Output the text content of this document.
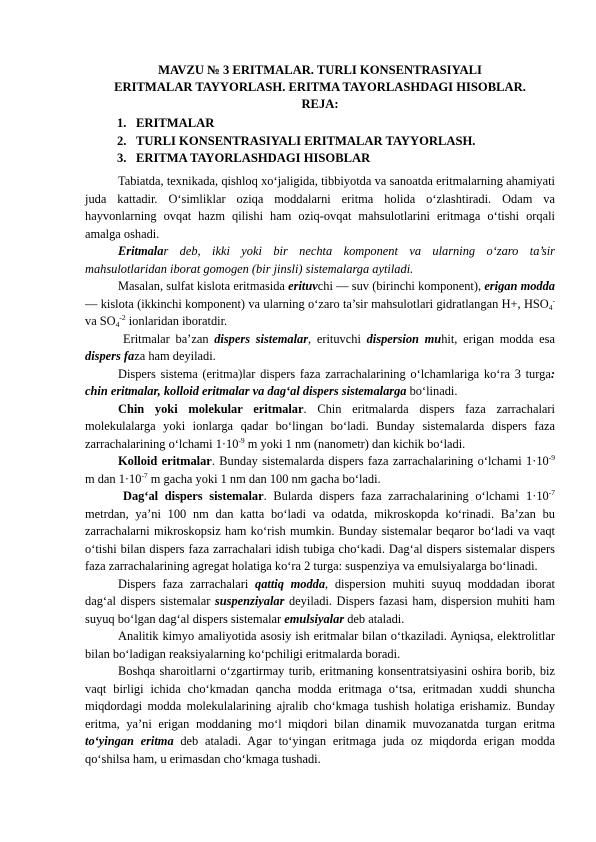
MAVZU № 3 ERITMALAR. TURLI KONSENTRASIYALI
ERITMALAR TAYYORLASH. ERITMA TAYORLASHDAGI HISOBLAR.
REJA:
1. ERITMALAR
2. TURLI KONSENTRASIYALI ERITMALAR TAYYORLASH.
3. ERITMA TAYORLASHDAGI HISOBLAR

Tabiatda, texnikada, qishloq xo‘jaligida, tibbiyotda va sanoatda eritmalarning ahamiyati juda kattadir. O‘simliklar oziqa moddalarni eritma holida o‘zlashtiradi. Odam va hayvonlarning ovqat hazm qilishi ham oziq-ovqat mahsulotlarini eritmaga o‘tishi orqali amalga oshadi.

Eritmalar deb, ikki yoki bir nechta komponent va ularning o‘zaro ta’sir mahsulotlaridan iborat gomogen (bir jinsli) sistemalarga aytiladi.

Masalan, sulfat kislota eritmasida erituvchi — suv (birinchi komponent), erigan modda — kislota (ikkinchi komponent) va ularning o‘zaro ta’sir mahsulotlari gidratlangan H+, $HSO_4^-$ va $SO_4^{-2}$ ionlaridan iboratdir.

Eritmalar ba’zan dispers sistemalar, erituvchi dispersion muhit, erigan modda esa dispers faza ham deyiladi.

Dispers sistema (eritma)lar dispers faza zarrachalarining o‘lchamlariga ko‘ra 3 turga: chin eritmalar, kolloid eritmalar va dag‘al dispers sistemalarga bo‘linadi.

Chin yoki molekular eritmalar. Chin eritmalarda dispers faza zarrachalari molekulalarga yoki ionlarga qadar bo‘lingan bo‘ladi. Bunday sistemalarda dispers faza zarrachalarining o‘lchami $1\cdot 10^{-9}$ m yoki 1 nm (nanometr) dan kichik bo‘ladi.

Kolloid eritmalar. Bunday sistemalarda dispers faza zarrachalarining o‘lchami $1\cdot 10^{-9}$ m dan $1\cdot 10^{-7}$ m gacha yoki 1 nm dan 100 nm gacha bo‘ladi.

Dag‘al dispers sistemalar. Bularda dispers faza zarrachalarining o‘lchami $1\cdot 10^{-7}$ metrdan, ya’ni 100 nm dan katta bo‘ladi va odatda, mikroskopda ko‘rinadi. Ba’zan bu zarrachalarni mikroskopsiz ham ko‘rish mumkin. Bunday sistemalar beqaror bo‘ladi va vaqt o‘tishi bilan dispers faza zarrachalari idish tubiga cho‘kadi. Dag‘al dispers sistemalar dispers faza zarrachalarining agregat holatiga ko‘ra 2 turga: suspenziya va emulsiyalarga bo‘linadi.

Dispers faza zarrachalari qattiq modda, dispersion muhiti suyuq moddadan iborat dag‘al dispers sistemalar suspenziyalar deyiladi. Dispers fazasi ham, dispersion muhiti ham suyuq bo‘lgan dag‘al dispers sistemalar emulsiyalar deb ataladi.

Analitik kimyo amaliyotida asosiy ish eritmalar bilan o‘tkaziladi. Ayniqsa, elektrolitlar bilan bo‘ladigan reaksiyalarning ko‘pchiligi eritmalarda boradi.

Boshqa sharoitlarni o‘zgartirmay turib, eritmaning konsentratsiyasini oshira borib, biz vaqt birligi ichida cho‘kmadan qancha modda eritmaga o‘tsa, eritmadan xuddi shuncha miqdordagi modda molekulalarining ajralib cho‘kmaga tushish holatiga erishamiz. Bunday eritma, ya’ni erigan moddaning mo‘l miqdori bilan dinamik muvozanatda turgan eritma to‘yingan eritma deb ataladi. Agar to‘yingan eritmaga juda oz miqdorda erigan modda qo‘shilsa ham, u erimasdan cho‘kmaga tushadi.
